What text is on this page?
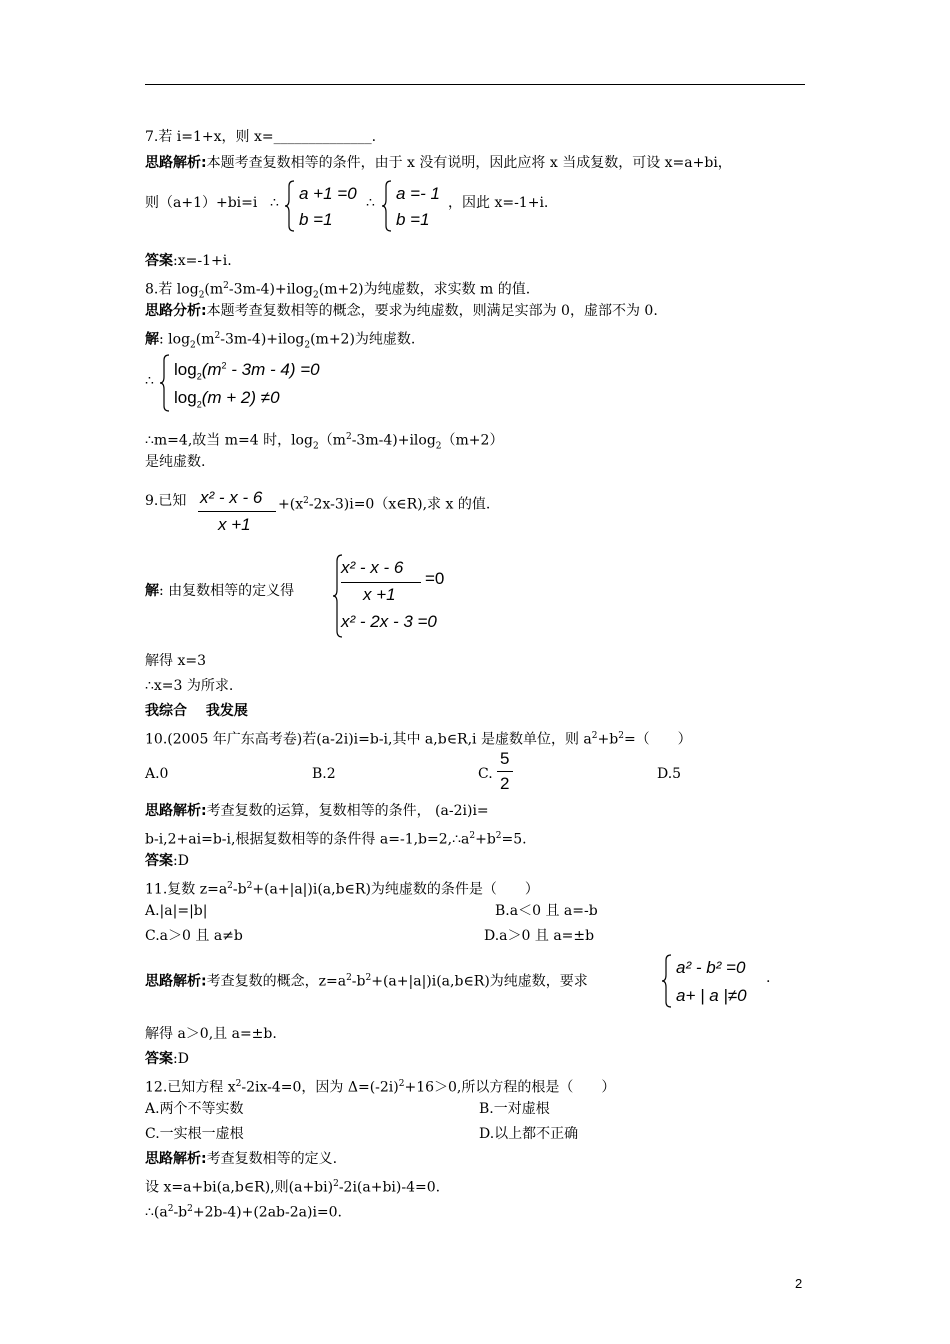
7.若 i=1+x，则 x=______________.
思路解析:本题考查复数相等的条件，由于 x 没有说明，因此应将 x 当成复数，可设 x=a+bi，
则（a+1）+bi=i ∴ a +1 =0
b =1
∴ a =- 1
b =1
，因此 x=-1+i.
答案:x=-1+i.
8.若 $\log_2(m^2-3m-4)+ilog_2(m+2)$为纯虚数，求实数 m 的值.
思路分析:本题考查复数相等的概念，要求为纯虚数，则满足实部为 0，虚部不为 0.
解: $\log_2(m^2-3m-4)+ilog_2(m+2)$为纯虚数.
∴
$\log_2(m^2 - 3m - 4) =0$
$\log_2(m + 2) \ne 0$
∴m=4,故当 m=4 时，$\log_2(m^2-3m-4)+ilog_2(m+2)$
是纯虚数.
9.已知 x² - x - 6
x +1
$+(x^2-2x-3)i=0(x\in R)$,求 x 的值.
解: 由复数相等的定义得
x² - x - 6
x +1
=0
x² - 2x - 3 =0
解得 x=3
∴x=3 为所求.
我综合　 我发展
10.(2005 年广东高考卷)若(a-2i)i=b-i,其中 a,b∈R,i 是虚数单位，则 $a^2+b^2=$（　　）
A.0	B.2	C.
5
2	D.5
思路解析:考查复数的运算，复数相等的条件， (a-2i)i=
b-i,2+ai=b-i,根据复数相等的条件得 $a=-1,b=2,\therefore a^2+b^2=5$.
答案:D
11.复数 $z=a^2-b^2+(a+|a|)i(a,b\in R)$为纯虚数的条件是（　　）
A.|a|=|b|	B.a＜0 且 a=-b
C.a＞0 且 a≠b	D.a＞0 且 a=±b
思路解析:考查复数的概念，$z=a^2-b^2+(a+|a|)i(a,b\in R)$为纯虚数，要求
a² - b² =0
a+ | a |≠0
.
解得 a＞0,且 a=±b.
答案:D
12.已知方程 $x^2-2ix-4=0$，因为 $\Delta=(-2i)^2+16>0$,所以方程的根是（　　）
A.两个不等实数	B.一对虚根
C.一实根一虚根	D.以上都不正确
思路解析:考查复数相等的定义.
设 x=a+bi(a,b∈R),则$(a+bi)^2-2i(a+bi)-4=0$.
$\therefore(a^2-b^2+2b-4)+(2ab-2a)i=0$.
2
